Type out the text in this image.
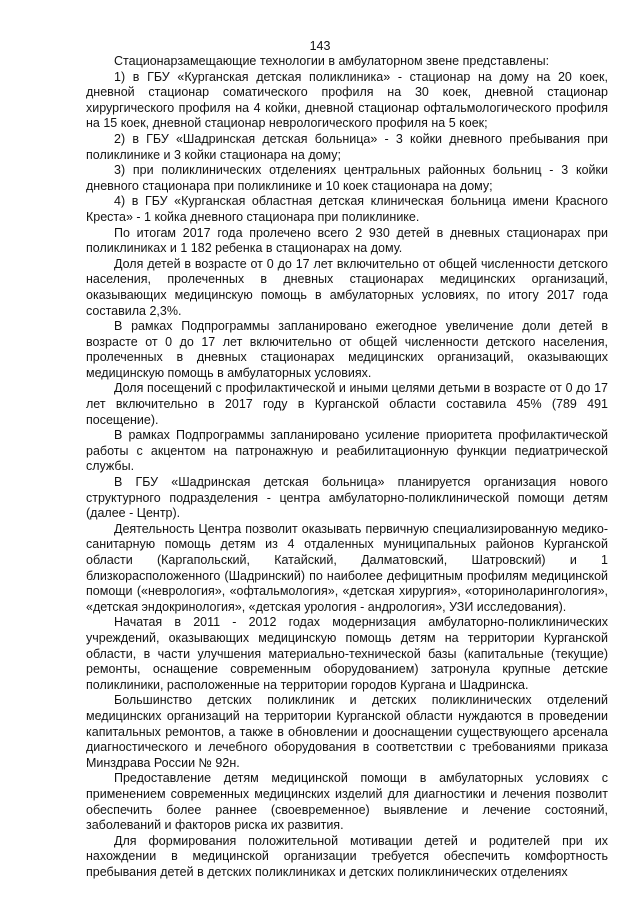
143

Стационарзамещающие технологии в амбулаторном звене представлены:

1) в ГБУ «Курганская детская поликлиника» - стационар на дому на 20 коек, дневной стационар соматического профиля на 30 коек, дневной стационар хирургического профиля на 4 койки, дневной стационар офтальмологического профиля на 15 коек, дневной стационар неврологического профиля на 5 коек;

2) в ГБУ «Шадринская детская больница» - 3 койки дневного пребывания при поликлинике и 3 койки стационара на дому;

3) при поликлинических отделениях центральных районных больниц - 3 койки дневного стационара при поликлинике и 10 коек стационара на дому;

4) в ГБУ «Курганская областная детская клиническая больница имени Красного Креста» - 1 койка дневного стационара при поликлинике.

По итогам 2017 года пролечено всего 2 930 детей в дневных стационарах при поликлиниках и 1 182 ребенка в стационарах на дому.

Доля детей в возрасте от 0 до 17 лет включительно от общей численности детского населения, пролеченных в дневных стационарах медицинских организаций, оказывающих медицинскую помощь в амбулаторных условиях, по итогу 2017 года составила 2,3%.

В рамках Подпрограммы запланировано ежегодное увеличение доли детей в возрасте от 0 до 17 лет включительно от общей численности детского населения, пролеченных в дневных стационарах медицинских организаций, оказывающих медицинскую помощь в амбулаторных условиях.

Доля посещений с профилактической и иными целями детьми в возрасте от 0 до 17 лет включительно в 2017 году в Курганской области составила 45% (789 491 посещение).

В рамках Подпрограммы запланировано усиление приоритета профилактической работы с акцентом на патронажную и реабилитационную функции педиатрической службы.

В ГБУ «Шадринская детская больница» планируется организация нового структурного подразделения - центра амбулаторно-поликлинической помощи детям (далее - Центр).

Деятельность Центра позволит оказывать первичную специализированную медико-санитарную помощь детям из 4 отдаленных муниципальных районов Курганской области (Каргапольский, Катайский, Далматовский, Шатровский) и 1 близкорасположенного (Шадринский) по наиболее дефицитным профилям медицинской помощи («неврология», «офтальмология», «детская хирургия», «оториноларингология», «детская эндокринология», «детская урология - андрология», УЗИ исследования).

Начатая в 2011 - 2012 годах модернизация амбулаторно-поликлинических учреждений, оказывающих медицинскую помощь детям на территории Курганской области, в части улучшения материально-технической базы (капитальные (текущие) ремонты, оснащение современным оборудованием) затронула крупные детские поликлиники, расположенные на территории городов Кургана и Шадринска.

Большинство детских поликлиник и детских поликлинических отделений медицинских организаций на территории Курганской области нуждаются в проведении капитальных ремонтов, а также в обновлении и дооснащении существующего арсенала диагностического и лечебного оборудования в соответствии с требованиями приказа Минздрава России № 92н.

Предоставление детям медицинской помощи в амбулаторных условиях с применением современных медицинских изделий для диагностики и лечения позволит обеспечить более раннее (своевременное) выявление и лечение состояний, заболеваний и факторов риска их развития.

Для формирования положительной мотивации детей и родителей при их нахождении в медицинской организации требуется обеспечить комфортность пребывания детей в детских поликлиниках и детских поликлинических отделениях
